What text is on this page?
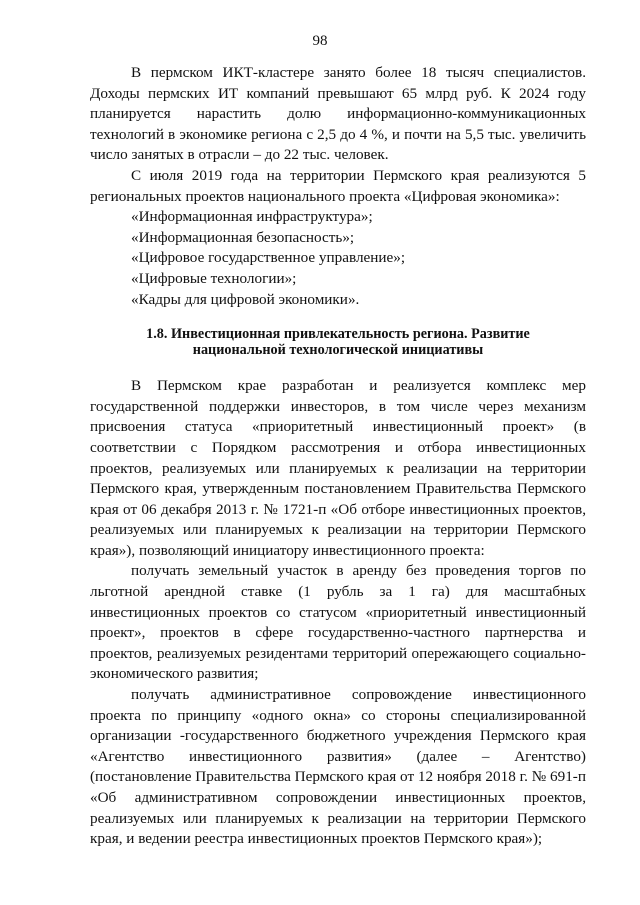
98

В пермском ИКТ-кластере занято более 18 тысяч специалистов. Доходы пермских ИТ компаний превышают 65 млрд руб. К 2024 году планируется нарастить долю информационно-коммуникационных технологий в экономике региона с 2,5 до 4 %, и почти на 5,5 тыс. увеличить число занятых в отрасли – до 22 тыс. человек.

С июля 2019 года на территории Пермского края реализуются 5 региональных проектов национального проекта «Цифровая экономика»:

«Информационная инфраструктура»;

«Информационная безопасность»;

«Цифровое государственное управление»;

«Цифровые технологии»;

«Кадры для цифровой экономики».

1.8. Инвестиционная привлекательность региона. Развитие национальной технологической инициативы

В Пермском крае разработан и реализуется комплекс мер государственной поддержки инвесторов, в том числе через механизм присвоения статуса «приоритетный инвестиционный проект» (в соответствии с Порядком рассмотрения и отбора инвестиционных проектов, реализуемых или планируемых к реализации на территории Пермского края, утвержденным постановлением Правительства Пермского края от 06 декабря 2013 г. № 1721-п «Об отборе инвестиционных проектов, реализуемых или планируемых к реализации на территории Пермского края»), позволяющий инициатору инвестиционного проекта:

получать земельный участок в аренду без проведения торгов по льготной арендной ставке (1 рубль за 1 га) для масштабных инвестиционных проектов со статусом «приоритетный инвестиционный проект», проектов в сфере государственно-частного партнерства и проектов, реализуемых резидентами территорий опережающего социально-экономического развития;

получать административное сопровождение инвестиционного проекта по принципу «одного окна» со стороны специализированной организации -государственного бюджетного учреждения Пермского края «Агентство инвестиционного развития» (далее – Агентство) (постановление Правительства Пермского края от 12 ноября 2018 г. № 691-п «Об административном сопровождении инвестиционных проектов, реализуемых или планируемых к реализации на территории Пермского края, и ведении реестра инвестиционных проектов Пермского края»);
